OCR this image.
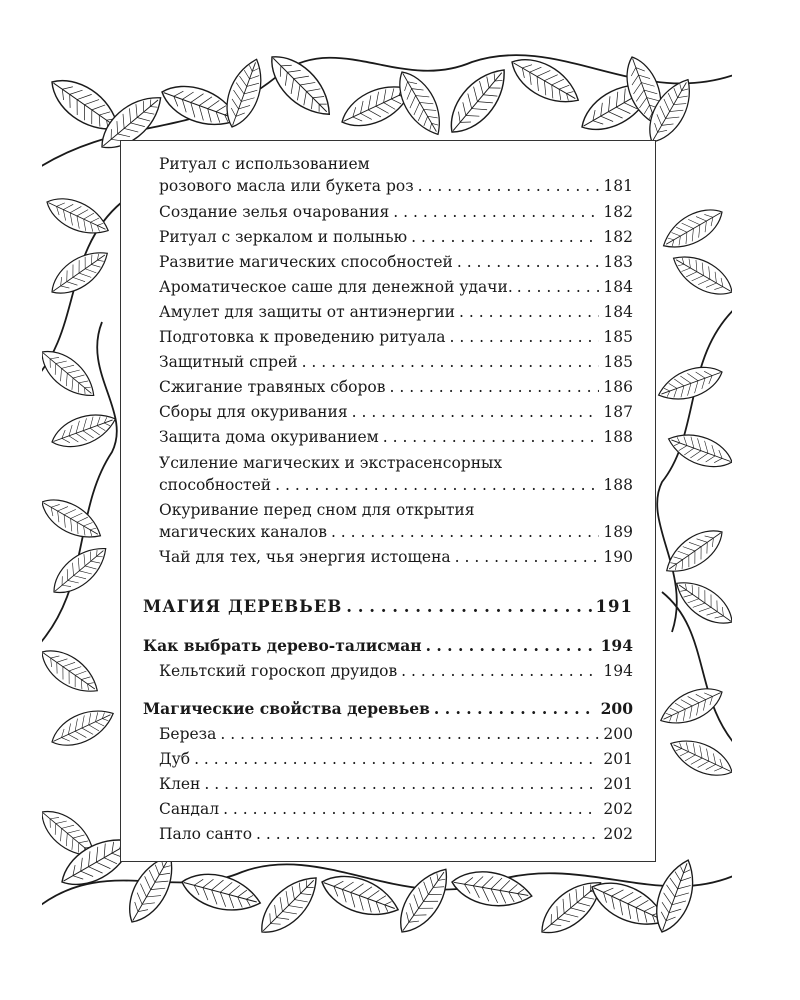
Ритуал с использованием
розового масла или букета роз . . .	181
Создание зелья очарования . . .	182
Ритуал с зеркалом и полынью . . .	182
Развитие магических способностей . . .	183
Ароматическое саше для денежной удачи. . . .	184
Амулет для защиты от антиэнергии . . .	184
Подготовка к проведению ритуала . . .	185
Защитный спрей . . .	185
Сжигание травяных сборов . . .	186
Сборы для окуривания . . .	187
Защита дома окуриванием . . .	188
Усиление магических и экстрасенсорных
способностей . . .	188
Окуривание перед сном для открытия
магических каналов . . .	189
Чай для тех, чья энергия истощена . . .	190
МАГИЯ ДЕРЕВЬЕВ . . .	191
Как выбрать дерево-талисман . . .	194
Кельтский гороскоп друидов . . .	194
Магические свойства деревьев . . .	200
Береза . . .	200
Дуб . . .	201
Клен . . .	201
Сандал . . .	202
Пало санто . . .	202
